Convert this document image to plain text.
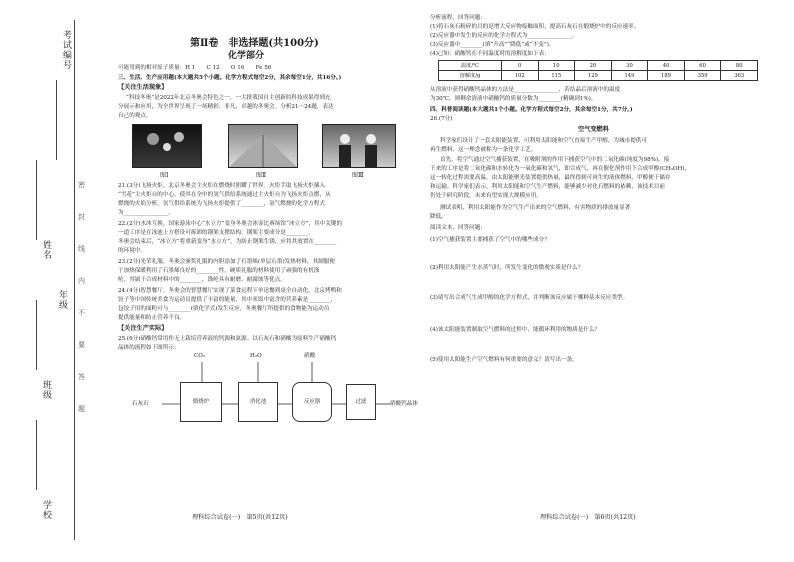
考试编号
姓名
年级
班级
学校
密
封
线
内
不
要
答
题
第Ⅱ卷　非选择题(共100分)
化学部分
可能用到的相对原子质量：H 1　　C 12　　O 16　　Fe 56
三、生活、生产应用题(本大题共5个小题。化学方程式每空2分，其余每空1分，共16分。)
【关注生活现象】
“科技冬奥”是2022年北京冬奥会特色之一，一大批我国自主创新的科技成果得到充
分展示和应用，为全世界呈现了一场精彩、非凡、卓越的冬奥会。分析21～24题，表达
自己的观点。
图Ⅰ	图Ⅱ	图Ⅲ
21.(3分)飞扬火炬。北京冬奥会主火炬在燃烧时照耀了世界。火炬手取飞扬火炬插入
“雪花”主火炬台的中心，使其在全中的氢气供给系统通过主火炬台为飞扬火炬点燃，从
燃烧的火焰分析，氢气供给系统为飞扬火炬提供了________，氢气燃烧的化学方程式
为________________。
22.(2分)水冰互换。国家游泳中心“水立方”变身冬奥会冰壶比赛场馆“冰立方”，其中关键的
一道工序是在泳池上方搭设可拆卸的钢架支撑结构，钢架主要成分是________。
冬奥会结束后，“冰立方”将重新变身“水立方”，为防止钢架生锈，应将其放置在________
的环境中。
23.(2分)光荣礼服。冬奥会颁奖礼服的内胆添加了石墨烯(单层石墨)发热材料，其制服便
于加热保暖利用了石墨烯良好的________性。硬质礼服的材料使用了顽强的有机涤
纶，其属于合成材料中的________，涤纶具有耐磨、耐腐蚀等优点。
24.(4分)智慧餐厅。冬奥会的智慧餐厅实现了菜食远程下单送餐到桌全自动化。北京烤鸭和
饺子等中国传统美食为运动员提供了丰富的能量，其中米饭中富含的营养素是________，
包饺子用的面粉可与________(填化学式)发生反应，冬奥餐厅所提供的食物能为运动员
提供能量和防止营养不良。
【关注生产实际】
25.(6分)硝酸钙常用作无土栽培营养液的钙源和氮源。以石灰石和硝酸为原料生产硝酸钙
晶体的流程如下图所示：
CO₂	H₂O	硝酸
石灰石	煅烧炉	消化池	反应器	过滤	硝酸钙晶体
理科综合试卷(一)　第5页(共12页)
分析流程，回答问题：
(1)将石灰石粉碎的目的是增大反应物接触面积，提高石灰石在煅烧炉中的反应速率。
(2)反应器中发生的反应的化学方程式为________________。
(3)反应器中________(填“升高”“降低”或“不变”)。
(4)已知：硝酸钙在不同温度时的溶解度如下表：
温度/℃	0	10	20	30	40	60	80
溶解度/g	102	115	129	149	189	359	363
从溶液中获得硝酸钙晶体的方法是________________，若结晶后溶液中的温度
为30℃，则剩余溶液中硝酸钙的质量分数为________(精确到1%)。
四、科普阅读题(本大题共1个小题。化学方程式每空2分，其余每空1分，共7分。)
26.(7分)
空气变燃料
科学家们设计了一套太阳能装置，可利用太阳能和空气直接生产甲醇，为城市提供可
再生燃料，这一理念被称为一条化学工艺。
首先，将空气通过空气捕获装置，在吸附剂的作用下捕获空气中的二氧化碳(纯度为98%)。接
下来的工序是将二氧化碳和水转化为一氧化碳和氢气，即合成气，再在催化剂作用下合成甲醇(CH₃OH)，
这一转化过程需要高温，由太阳能聚光装置提供热量，最终得到可再生的液体燃料，甲醇便于储存
和运输。科学家们表示，利用太阳能和空气生产燃料，能够减少对化石燃料的依赖，该技术目前
仍处于研究阶段，未来有望实现大规模应用。
测试表明，利用太阳能作为空气生产出来的空气燃料，有害物质的排放量显著
降低。
阅读文本，回答问题：
(1)空气捕获装置主要捕获了空气中的哪些成分？
(2)利用太阳能产生水蒸气时，所发生变化的微观实质是什么？
(3)请写出合成气生成甲醇的化学方程式，并判断该反应属于哪种基本反应类型。
(4)该太阳能装置制取空气燃料的过程中，能循环利用的物质是什么？
(5)使用太阳能生产空气燃料有何重要的意义？请写出一条。
理科综合试卷(一)　第6页(共12页)
